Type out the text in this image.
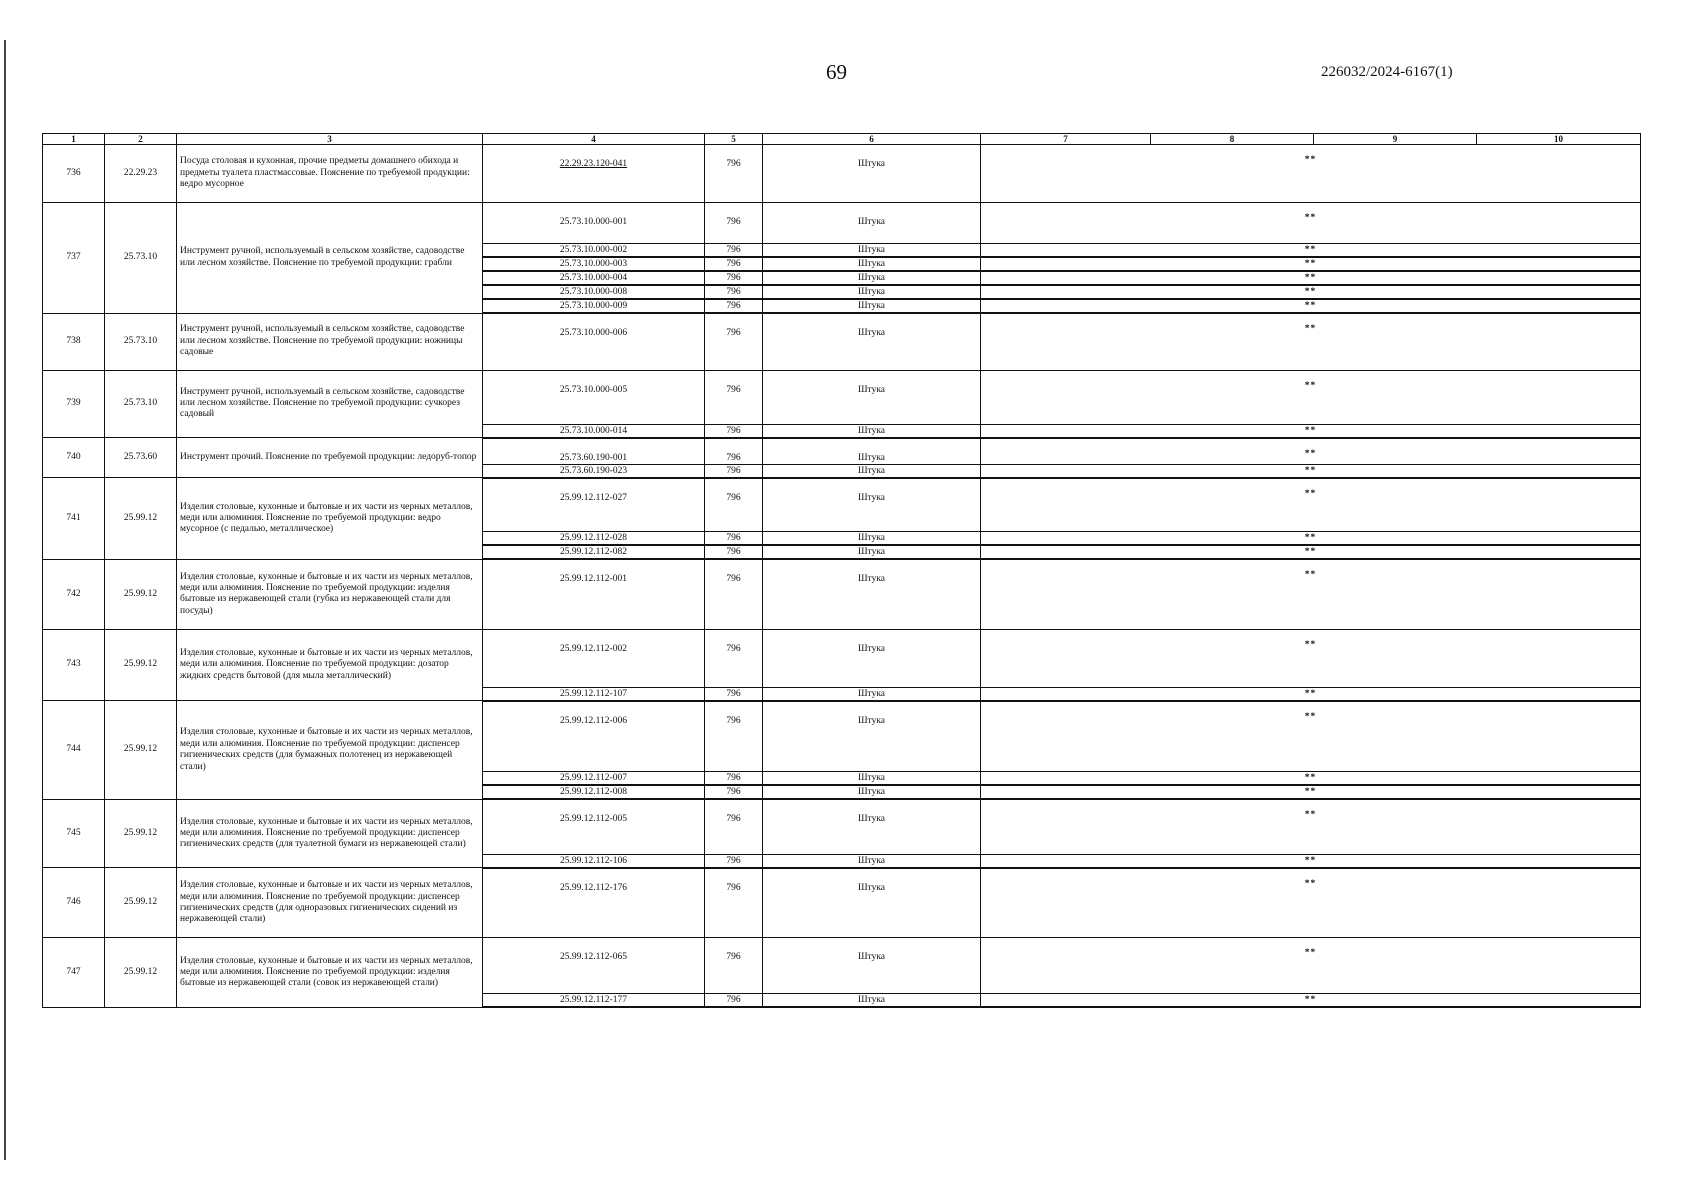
69	226032/2024-6167(1)
1	2	3	4	5	6	7	8	9	10
736	22.29.23	Посуда столовая и кухонная, прочие предметы домашнего обихода и предметы туалета пластмассовые. Пояснение по требуемой продукции: ведро мусорное	22.29.23.120-041	796	Штука	**			
737	25.73.10	Инструмент ручной, используемый в сельском хозяйстве, садоводстве или лесном хозяйстве. Пояснение по требуемой продукции: грабли	25.73.10.000-001	796	Штука	**			
			25.73.10.000-002	796	Штука	**			
			25.73.10.000-003	796	Штука	**			
			25.73.10.000-004	796	Штука	**			
			25.73.10.000-008	796	Штука	**			
			25.73.10.000-009	796	Штука	**			
738	25.73.10	Инструмент ручной, используемый в сельском хозяйстве, садоводстве или лесном хозяйстве. Пояснение по требуемой продукции: ножницы садовые	25.73.10.000-006	796	Штука	**			
739	25.73.10	Инструмент ручной, используемый в сельском хозяйстве, садоводстве или лесном хозяйстве. Пояснение по требуемой продукции: сучкорез садовый	25.73.10.000-005	796	Штука	**			
			25.73.10.000-014	796	Штука	**			
740	25.73.60	Инструмент прочий. Пояснение по требуемой продукции: ледоруб-топор	25.73.60.190-001	796	Штука	**			
			25.73.60.190-023	796	Штука	**			
741	25.99.12	Изделия столовые, кухонные и бытовые и их части из черных металлов, меди или алюминия. Пояснение по требуемой продукции: ведро мусорное (с педалью, металлическое)	25.99.12.112-027	796	Штука	**			
			25.99.12.112-028	796	Штука	**			
			25.99.12.112-082	796	Штука	**			
742	25.99.12	Изделия столовые, кухонные и бытовые и их части из черных металлов, меди или алюминия. Пояснение по требуемой продукции: изделия бытовые из нержавеющей стали (губка из нержавеющей стали для посуды)	25.99.12.112-001	796	Штука	**			
743	25.99.12	Изделия столовые, кухонные и бытовые и их части из черных металлов, меди или алюминия. Пояснение по требуемой продукции: дозатор жидких средств бытовой (для мыла металлический)	25.99.12.112-002	796	Штука	**			
			25.99.12.112-107	796	Штука	**			
744	25.99.12	Изделия столовые, кухонные и бытовые и их части из черных металлов, меди или алюминия. Пояснение по требуемой продукции: диспенсер гигиенических средств (для бумажных полотенец из нержавеющей стали)	25.99.12.112-006	796	Штука	**			
			25.99.12.112-007	796	Штука	**			
			25.99.12.112-008	796	Штука	**			
745	25.99.12	Изделия столовые, кухонные и бытовые и их части из черных металлов, меди или алюминия. Пояснение по требуемой продукции: диспенсер гигиенических средств (для туалетной бумаги из нержавеющей стали)	25.99.12.112-005	796	Штука	**			
			25.99.12.112-106	796	Штука	**			
746	25.99.12	Изделия столовые, кухонные и бытовые и их части из черных металлов, меди или алюминия. Пояснение по требуемой продукции: диспенсер гигиенических средств (для одноразовых гигиенических сидений из нержавеющей стали)	25.99.12.112-176	796	Штука	**			
747	25.99.12	Изделия столовые, кухонные и бытовые и их части из черных металлов, меди или алюминия. Пояснение по требуемой продукции: изделия бытовые из нержавеющей стали (совок из нержавеющей стали)	25.99.12.112-065	796	Штука	**			
			25.99.12.112-177	796	Штука	**			
